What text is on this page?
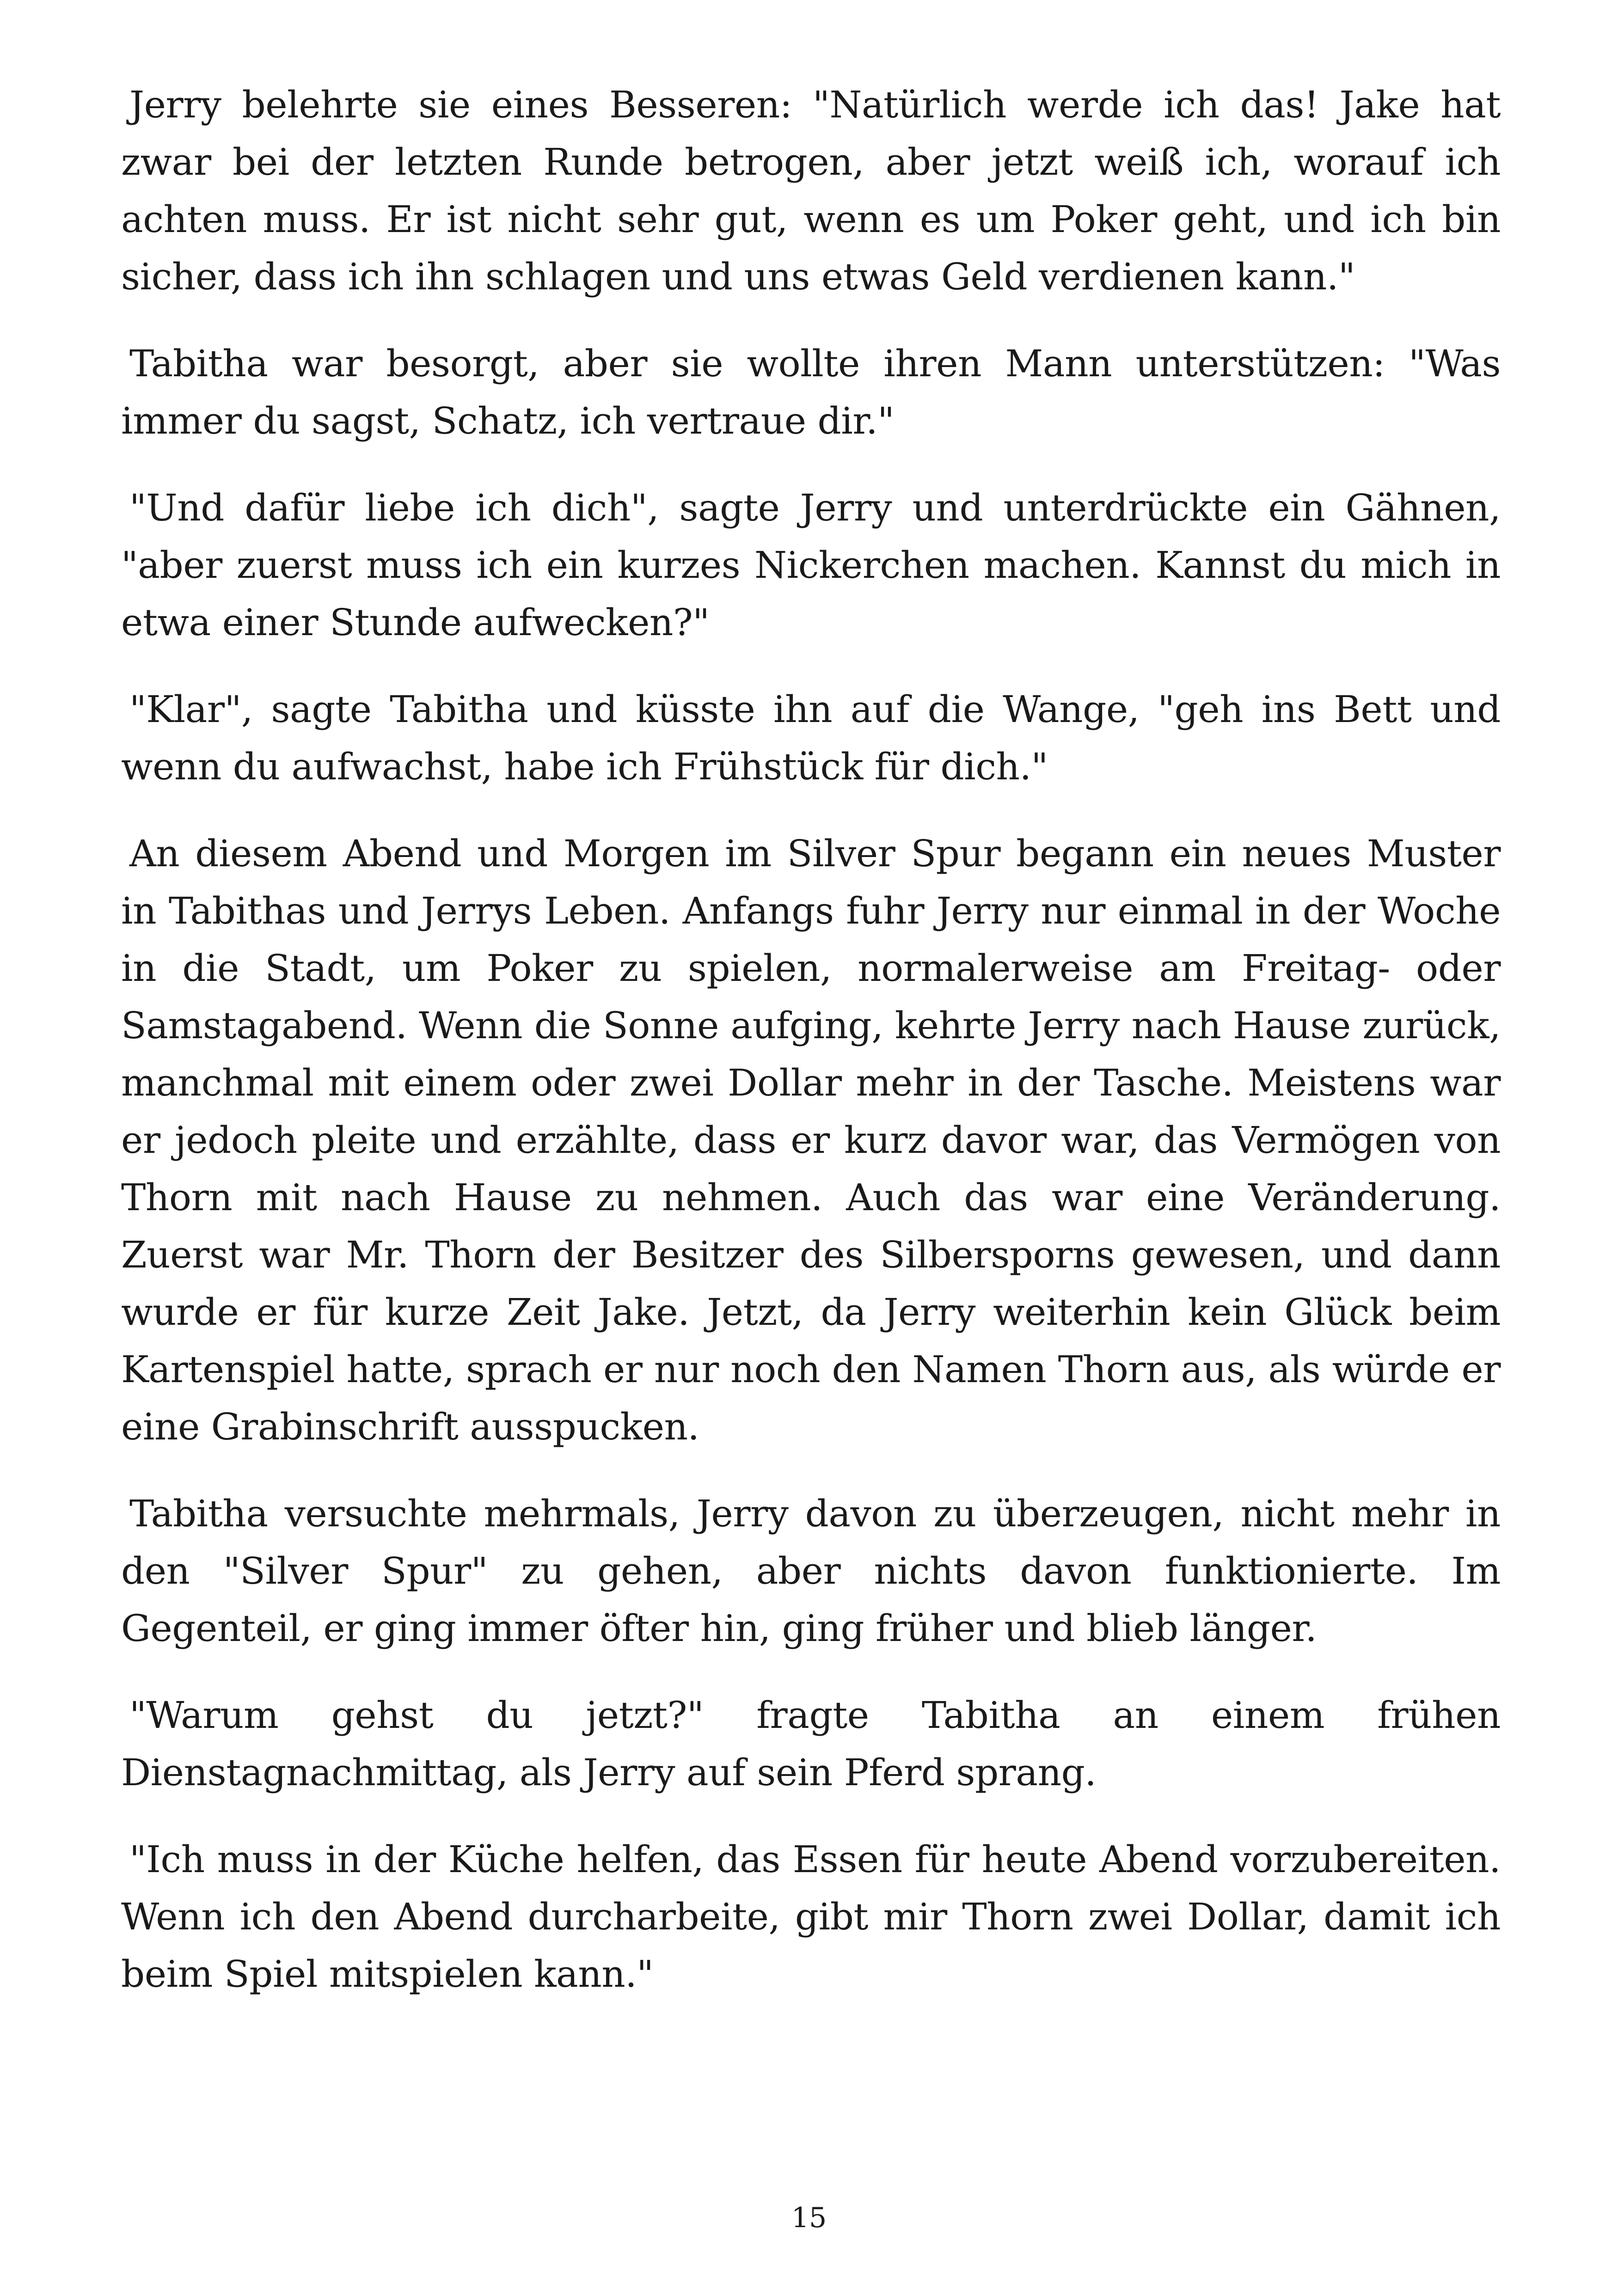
Jerry belehrte sie eines Besseren: "Natürlich werde ich das! Jake hat zwar bei der letzten Runde betrogen, aber jetzt weiß ich, worauf ich achten muss. Er ist nicht sehr gut, wenn es um Poker geht, und ich bin sicher, dass ich ihn schlagen und uns etwas Geld verdienen kann."

Tabitha war besorgt, aber sie wollte ihren Mann unterstützen: "Was immer du sagst, Schatz, ich vertraue dir."

"Und dafür liebe ich dich", sagte Jerry und unterdrückte ein Gähnen, "aber zuerst muss ich ein kurzes Nickerchen machen. Kannst du mich in etwa einer Stunde aufwecken?"

"Klar", sagte Tabitha und küsste ihn auf die Wange, "geh ins Bett und wenn du aufwachst, habe ich Frühstück für dich."

An diesem Abend und Morgen im Silver Spur begann ein neues Muster in Tabithas und Jerrys Leben. Anfangs fuhr Jerry nur einmal in der Woche in die Stadt, um Poker zu spielen, normalerweise am Freitag- oder Samstagabend. Wenn die Sonne aufging, kehrte Jerry nach Hause zurück, manchmal mit einem oder zwei Dollar mehr in der Tasche. Meistens war er jedoch pleite und erzählte, dass er kurz davor war, das Vermögen von Thorn mit nach Hause zu nehmen. Auch das war eine Veränderung. Zuerst war Mr. Thorn der Besitzer des Silbersporns gewesen, und dann wurde er für kurze Zeit Jake. Jetzt, da Jerry weiterhin kein Glück beim Kartenspiel hatte, sprach er nur noch den Namen Thorn aus, als würde er eine Grabinschrift ausspucken.

Tabitha versuchte mehrmals, Jerry davon zu überzeugen, nicht mehr in den "Silver Spur" zu gehen, aber nichts davon funktionierte. Im Gegenteil, er ging immer öfter hin, ging früher und blieb länger.

"Warum gehst du jetzt?" fragte Tabitha an einem frühen Dienstagnachmittag, als Jerry auf sein Pferd sprang.

"Ich muss in der Küche helfen, das Essen für heute Abend vorzubereiten. Wenn ich den Abend durcharbeite, gibt mir Thorn zwei Dollar, damit ich beim Spiel mitspielen kann."

15
